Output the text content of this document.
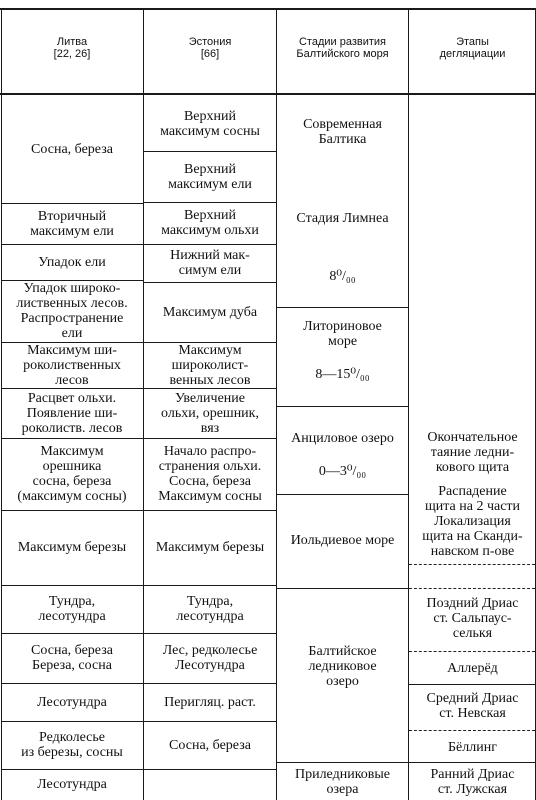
Литва
[22, 26]
Эстония
[66]
Стадии развития
Балтийского моря
Этапы
дегляциации
Сосна, береза
Вторичный
максимум ели
Упадок ели
Упадок широко-
лиственных лесов.
Распространение
ели
Максимум ши-
роколиственных
лесов
Расцвет ольхи.
Появление ши-
роколиств. лесов
Максимум
орешника
сосна, береза
(максимум сосны)
Максимум березы
Тундра,
лесотундра
Сосна, береза
Береза, сосна
Лесотундра
Редколесье
из березы, сосны
Лесотундра
Верхний
максимум сосны
Верхний
максимум ели
Верхний
максимум ольхи
Нижний мак-
симум ели
Максимум дуба
Максимум
широколист-
венных лесов
Увеличение
ольхи, орешник,
вяз
Начало распро-
странения ольхи.
Сосна, береза
Максимум сосны
Максимум березы
Тундра,
лесотундра
Лес, редколесье
Лесотундра
Перигляц. раст.
Сосна, береза
Современная
Балтика
Стадия Лимнеа
8⁰/₀₀
Литориновое
море
8—15⁰/₀₀
Анциловое озеро
0—3⁰/₀₀
Иольдиевое море
Балтийское
ледниковое
озеро
Приледниковые
озера
Окончательное
таяние ледни-
кового щита
Распадение
щита на 2 части
Локализация
щита на Сканди-
навском п-ове
Поздний Дриас
ст. Сальпаус-
селькя
Аллерёд
Средний Дриас
ст. Невская
Бёллинг
Ранний Дриас
ст. Лужская
